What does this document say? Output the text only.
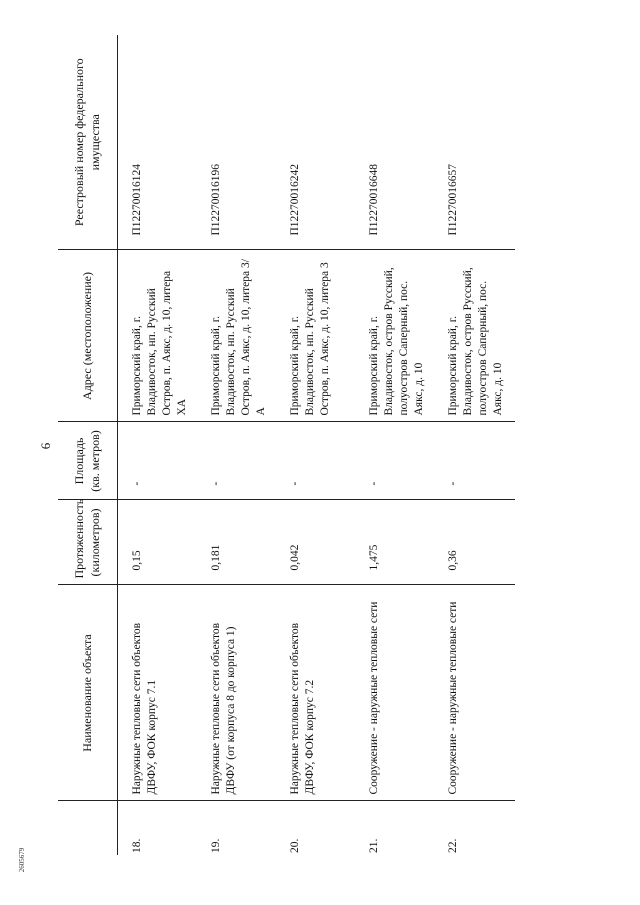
6
2605679
	Наименование объекта	Протяженность (километров)	Площадь (кв. метров)	Адрес (местоположение)	Реестровый номер федерального имущества
18.	Наружные тепловые сети объектов ДВФУ, ФОК корпус 7.1	0,15	-	Приморский край, г. Владивосток, нп. Русский Остров, п. Аякс, д. 10, литера ХА	П12270016124
19.	Наружные тепловые сети объектов ДВФУ (от корпуса 8 до корпуса 1)	0,181	-	Приморский край, г. Владивосток, нп. Русский Остров, п. Аякс, д. 10, литера 3/А	П12270016196
20.	Наружные тепловые сети объектов ДВФУ, ФОК корпус 7.2	0,042	-	Приморский край, г. Владивосток, нп. Русский Остров, п. Аякс, д. 10, литера 3	П12270016242
21.	Сооружение - наружные тепловые сети	1,475	-	Приморский край, г. Владивосток, остров Русский, полуостров Саперный, пос. Аякс, д. 10	П12270016648
22.	Сооружение - наружные тепловые сети	0,36	-	Приморский край, г. Владивосток, остров Русский, полуостров Саперный, пос. Аякс, д. 10	П12270016657
